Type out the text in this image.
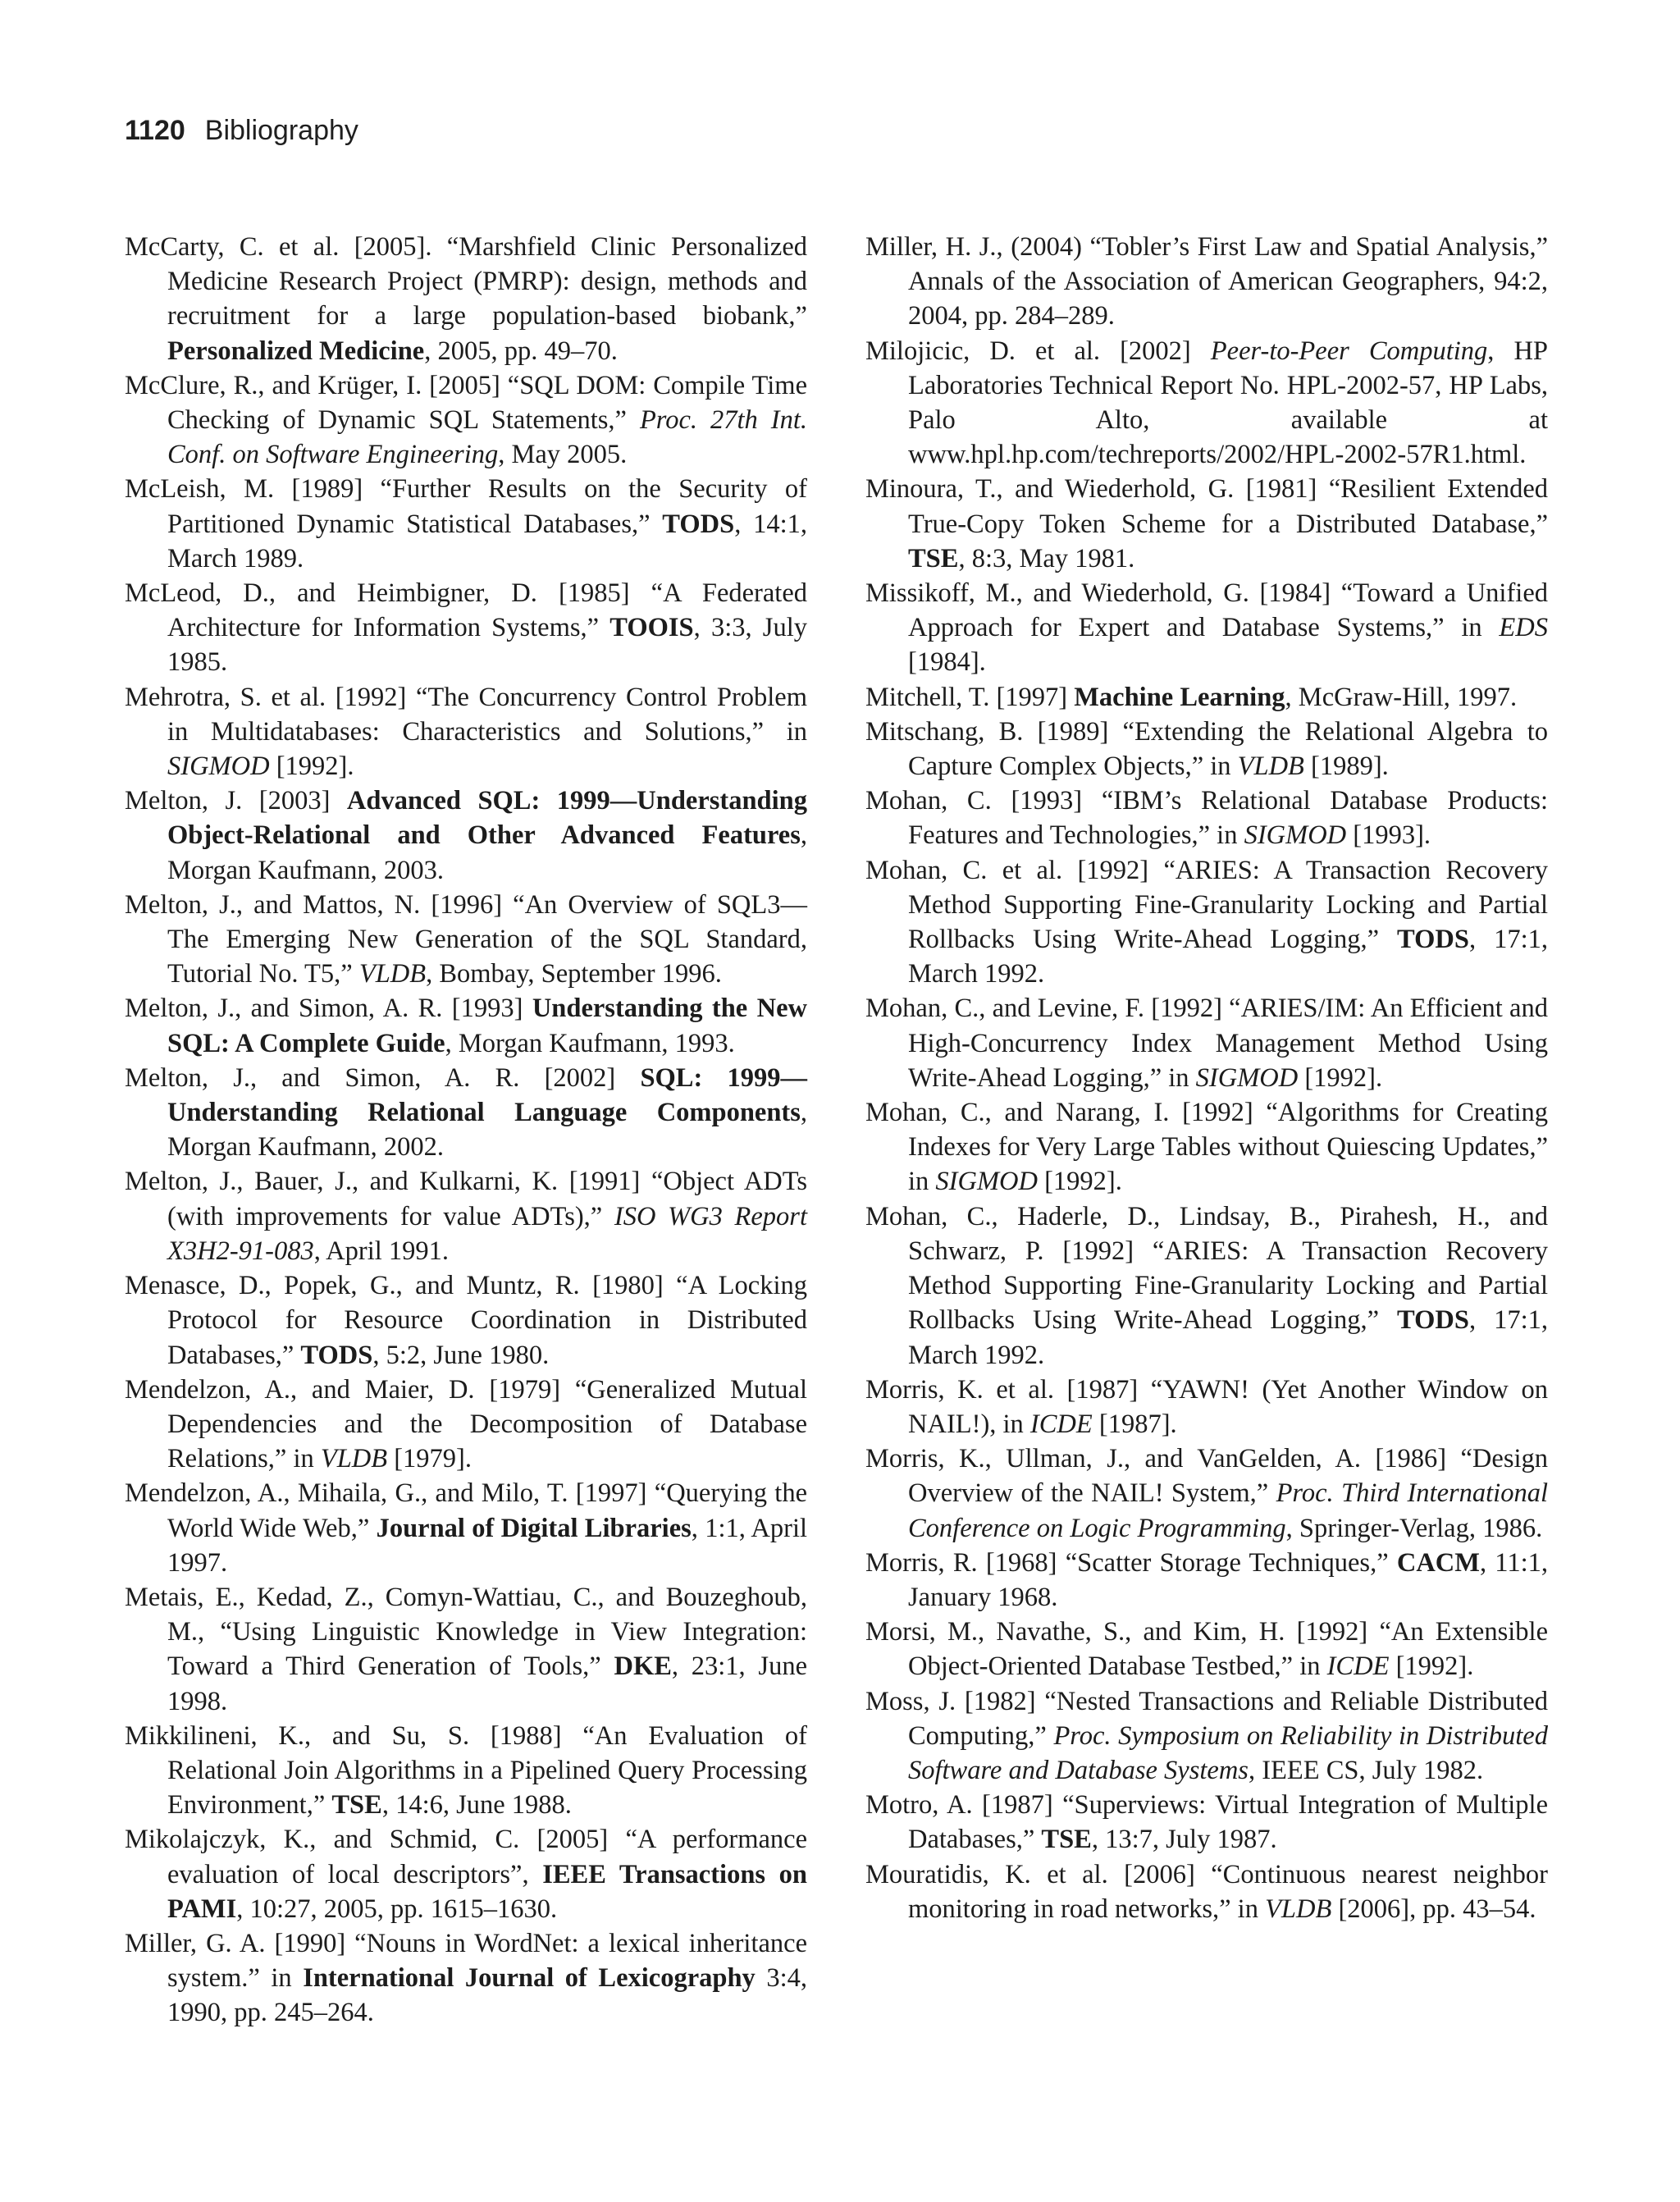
1120 Bibliography

McCarty, C. et al. [2005]. “Marshfield Clinic Personalized Medicine Research Project (PMRP): design, methods and recruitment for a large population-based biobank,” Personalized Medicine, 2005, pp. 49–70.

McClure, R., and Krüger, I. [2005] “SQL DOM: Compile Time Checking of Dynamic SQL Statements,” Proc. 27th Int. Conf. on Software Engineering, May 2005.

McLeish, M. [1989] “Further Results on the Security of Partitioned Dynamic Statistical Databases,” TODS, 14:1, March 1989.

McLeod, D., and Heimbigner, D. [1985] “A Federated Architecture for Information Systems,” TOOIS, 3:3, July 1985.

Mehrotra, S. et al. [1992] “The Concurrency Control Problem in Multidatabases: Characteristics and Solutions,” in SIGMOD [1992].

Melton, J. [2003] Advanced SQL: 1999—Understanding Object-Relational and Other Advanced Features, Morgan Kaufmann, 2003.

Melton, J., and Mattos, N. [1996] “An Overview of SQL3—The Emerging New Generation of the SQL Standard, Tutorial No. T5,” VLDB, Bombay, September 1996.

Melton, J., and Simon, A. R. [1993] Understanding the New SQL: A Complete Guide, Morgan Kaufmann, 1993.

Melton, J., and Simon, A. R. [2002] SQL: 1999—Understanding Relational Language Components, Morgan Kaufmann, 2002.

Melton, J., Bauer, J., and Kulkarni, K. [1991] “Object ADTs (with improvements for value ADTs),” ISO WG3 Report X3H2-91-083, April 1991.

Menasce, D., Popek, G., and Muntz, R. [1980] “A Locking Protocol for Resource Coordination in Distributed Databases,” TODS, 5:2, June 1980.

Mendelzon, A., and Maier, D. [1979] “Generalized Mutual Dependencies and the Decomposition of Database Relations,” in VLDB [1979].

Mendelzon, A., Mihaila, G., and Milo, T. [1997] “Querying the World Wide Web,” Journal of Digital Libraries, 1:1, April 1997.

Metais, E., Kedad, Z., Comyn-Wattiau, C., and Bouzeghoub, M., “Using Linguistic Knowledge in View Integration: Toward a Third Generation of Tools,” DKE, 23:1, June 1998.

Mikkilineni, K., and Su, S. [1988] “An Evaluation of Relational Join Algorithms in a Pipelined Query Processing Environment,” TSE, 14:6, June 1988.

Mikolajczyk, K., and Schmid, C. [2005] “A performance evaluation of local descriptors”, IEEE Transactions on PAMI, 10:27, 2005, pp. 1615–1630.

Miller, G. A. [1990] “Nouns in WordNet: a lexical inheritance system.” in International Journal of Lexicography 3:4, 1990, pp. 245–264.

Miller, H. J., (2004) “Tobler’s First Law and Spatial Analysis,” Annals of the Association of American Geographers, 94:2, 2004, pp. 284–289.

Milojicic, D. et al. [2002] Peer-to-Peer Computing, HP Laboratories Technical Report No. HPL-2002-57, HP Labs, Palo Alto, available at www.hpl.hp.com/techreports/2002/HPL-2002-57R1.html.

Minoura, T., and Wiederhold, G. [1981] “Resilient Extended True-Copy Token Scheme for a Distributed Database,” TSE, 8:3, May 1981.

Missikoff, M., and Wiederhold, G. [1984] “Toward a Unified Approach for Expert and Database Systems,” in EDS [1984].

Mitchell, T. [1997] Machine Learning, McGraw-Hill, 1997.

Mitschang, B. [1989] “Extending the Relational Algebra to Capture Complex Objects,” in VLDB [1989].

Mohan, C. [1993] “IBM’s Relational Database Products: Features and Technologies,” in SIGMOD [1993].

Mohan, C. et al. [1992] “ARIES: A Transaction Recovery Method Supporting Fine-Granularity Locking and Partial Rollbacks Using Write-Ahead Logging,” TODS, 17:1, March 1992.

Mohan, C., and Levine, F. [1992] “ARIES/IM: An Efficient and High-Concurrency Index Management Method Using Write-Ahead Logging,” in SIGMOD [1992].

Mohan, C., and Narang, I. [1992] “Algorithms for Creating Indexes for Very Large Tables without Quiescing Updates,” in SIGMOD [1992].

Mohan, C., Haderle, D., Lindsay, B., Pirahesh, H., and Schwarz, P. [1992] “ARIES: A Transaction Recovery Method Supporting Fine-Granularity Locking and Partial Rollbacks Using Write-Ahead Logging,” TODS, 17:1, March 1992.

Morris, K. et al. [1987] “YAWN! (Yet Another Window on NAIL!), in ICDE [1987].

Morris, K., Ullman, J., and VanGelden, A. [1986] “Design Overview of the NAIL! System,” Proc. Third International Conference on Logic Programming, Springer-Verlag, 1986.

Morris, R. [1968] “Scatter Storage Techniques,” CACM, 11:1, January 1968.

Morsi, M., Navathe, S., and Kim, H. [1992] “An Extensible Object-Oriented Database Testbed,” in ICDE [1992].

Moss, J. [1982] “Nested Transactions and Reliable Distributed Computing,” Proc. Symposium on Reliability in Distributed Software and Database Systems, IEEE CS, July 1982.

Motro, A. [1987] “Superviews: Virtual Integration of Multiple Databases,” TSE, 13:7, July 1987.

Mouratidis, K. et al. [2006] “Continuous nearest neighbor monitoring in road networks,” in VLDB [2006], pp. 43–54.
